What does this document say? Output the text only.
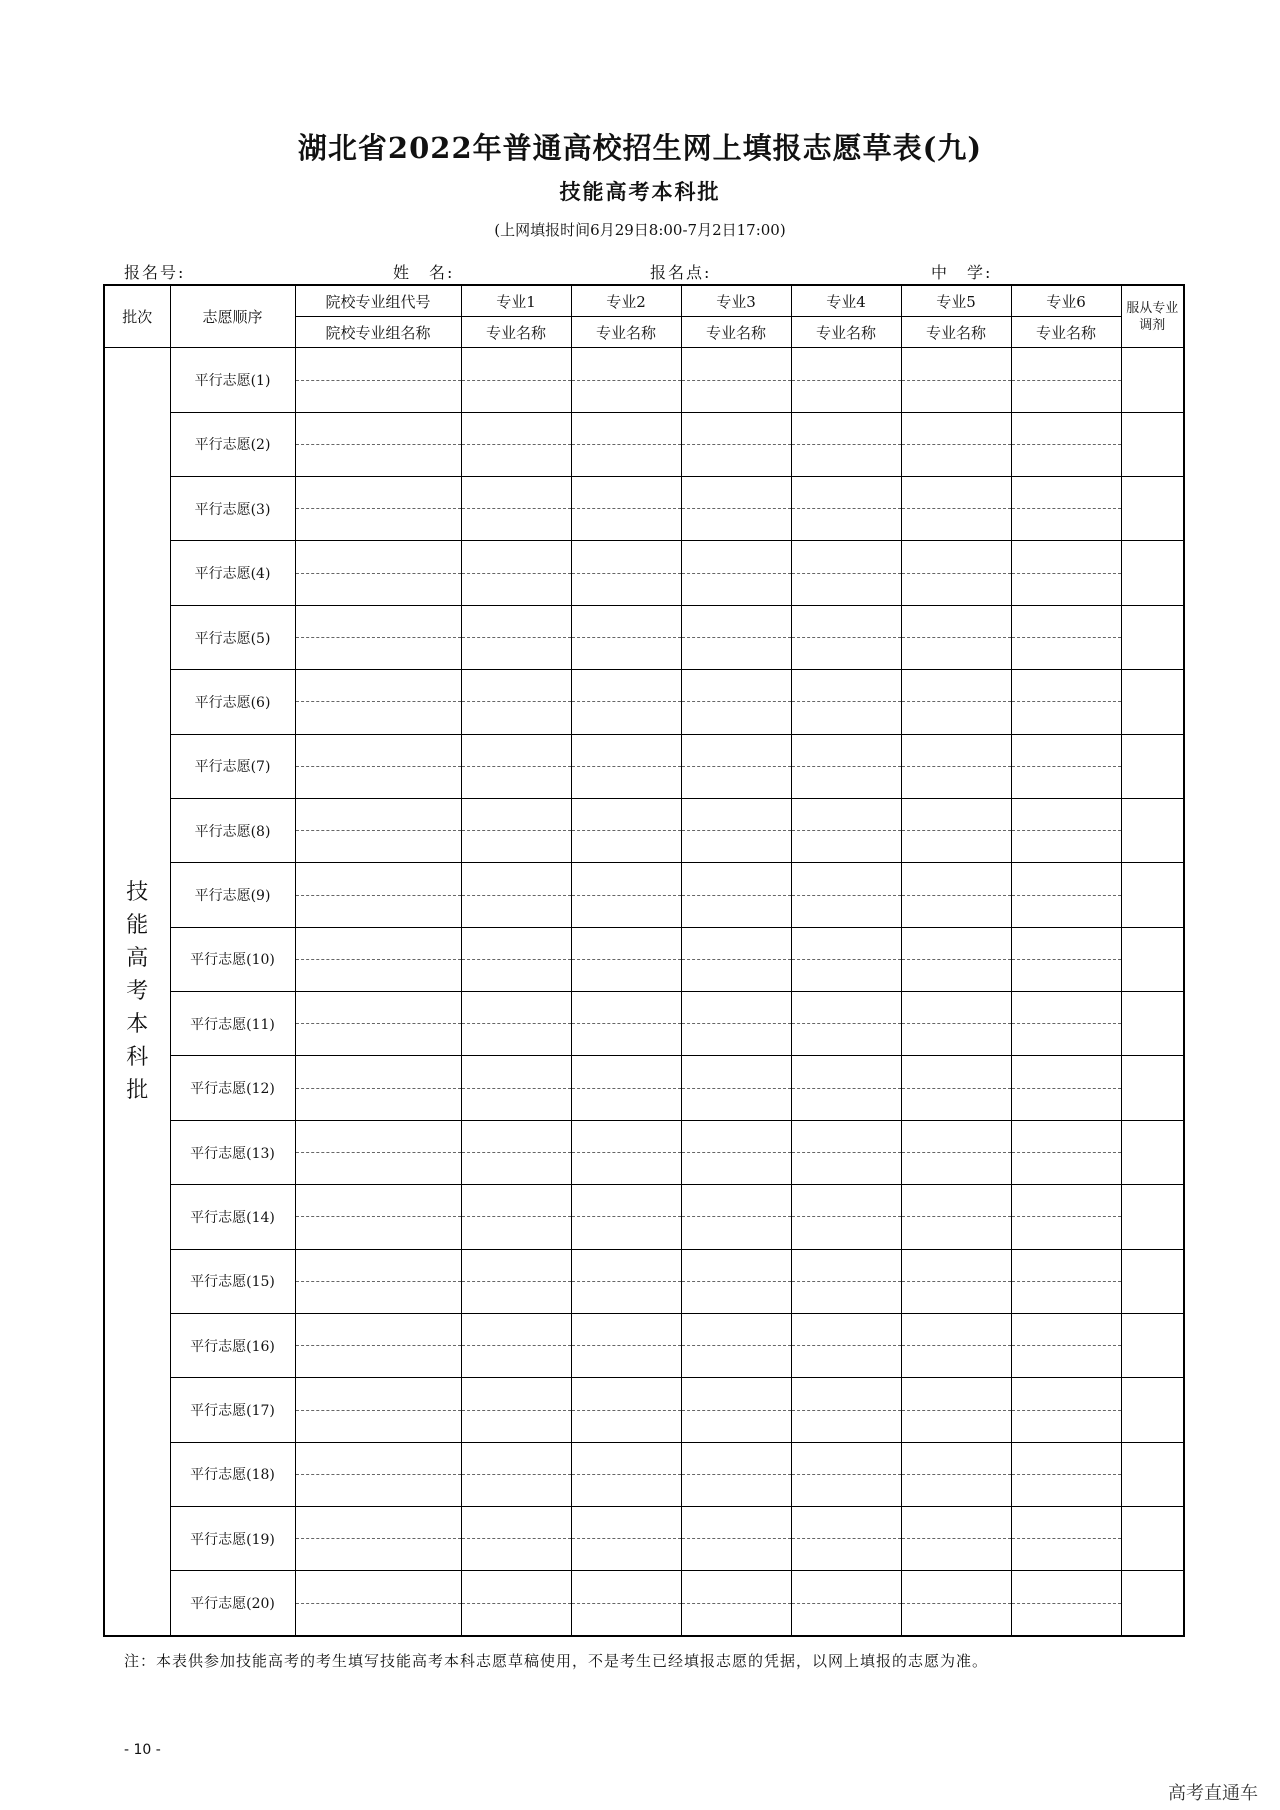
湖北省2022年普通高校招生网上填报志愿草表(九)
技能高考本科批
(上网填报时间6月29日8:00-7月2日17:00)
报名号:	姓　名:	报名点:	中　学:
批次	志愿顺序	院校专业组代号	专业1	专业2	专业3	专业4	专业5	专业6	服从专业调剂
		院校专业组名称	专业名称	专业名称	专业名称	专业名称	专业名称	专业名称	
技能高考本科批	平行志愿(1)	

	平行志愿(2)	

	平行志愿(3)	

	平行志愿(4)	

	平行志愿(5)	

	平行志愿(6)	

	平行志愿(7)	

	平行志愿(8)	

	平行志愿(9)	

	平行志愿(10)	

	平行志愿(11)	

	平行志愿(12)	

	平行志愿(13)	

	平行志愿(14)	

	平行志愿(15)	

	平行志愿(16)	

	平行志愿(17)	

	平行志愿(18)	

	平行志愿(19)	

	平行志愿(20)	

注：本表供参加技能高考的考生填写技能高考本科志愿草稿使用，不是考生已经填报志愿的凭据，以网上填报的志愿为准。
- 10 -
高考直通车
